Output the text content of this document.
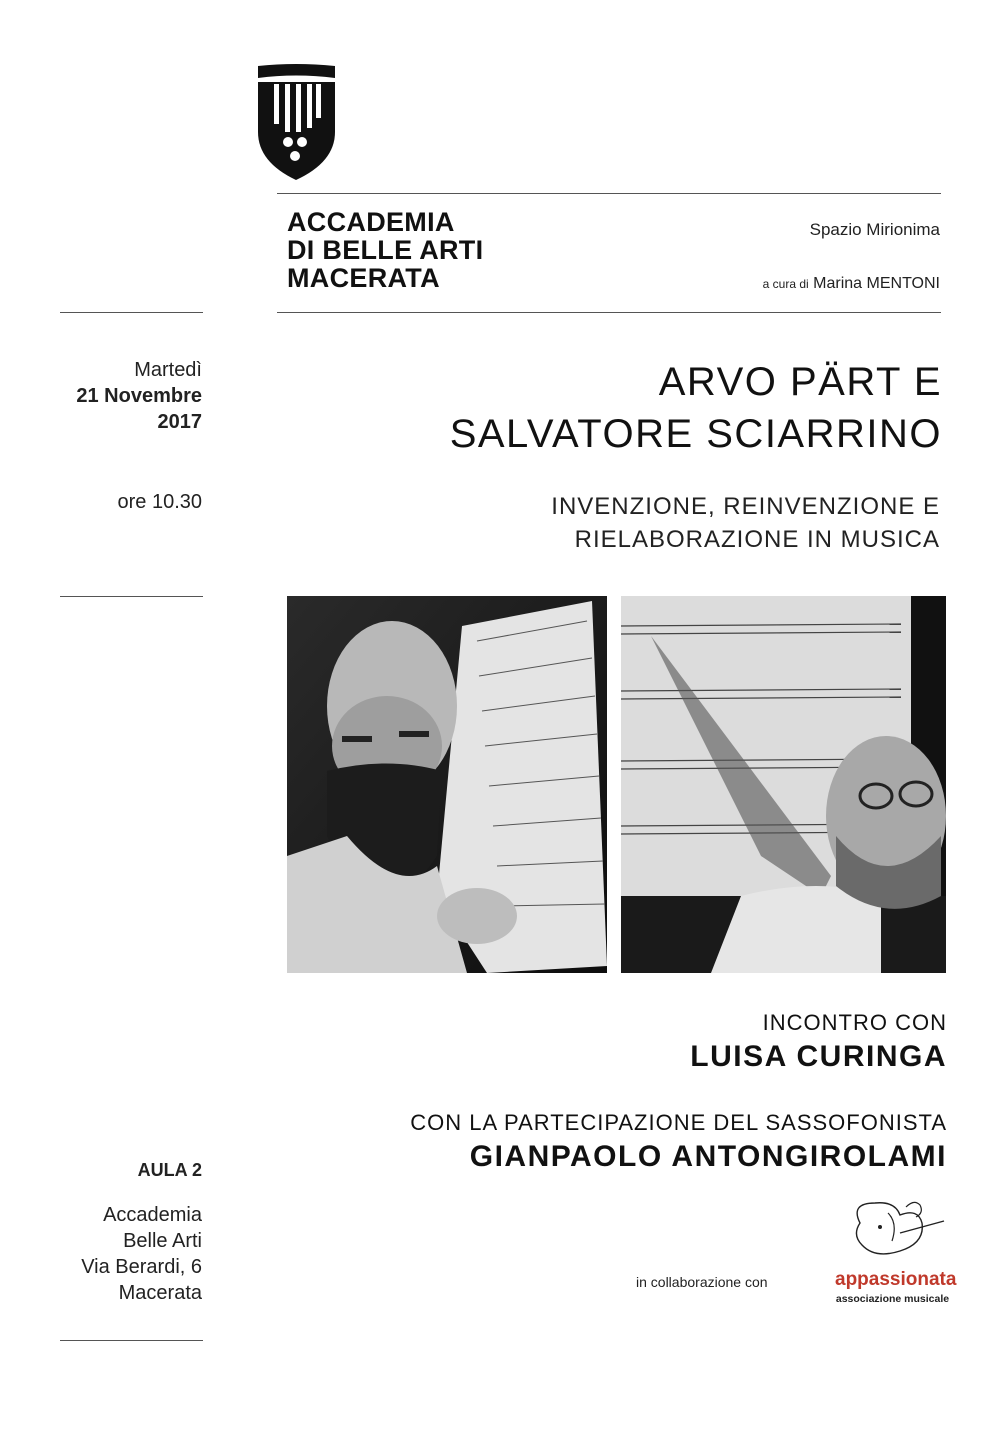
ACCADEMIA
DI BELLE ARTI
MACERATA
Spazio Mirionima
a cura di Marina MENTONI
Martedì
21 Novembre
2017
ore 10.30
ARVO PÄRT E
SALVATORE SCIARRINO
INVENZIONE, REINVENZIONE E
RIELABORAZIONE IN MUSICA
INCONTRO CON
LUISA CURINGA
CON LA PARTECIPAZIONE DEL SASSOFONISTA
GIANPAOLO ANTONGIROLAMI
AULA 2
Accademia
Belle Arti
Via Berardi, 6
Macerata	in collaborazione con	appassionata
associazione musicale
